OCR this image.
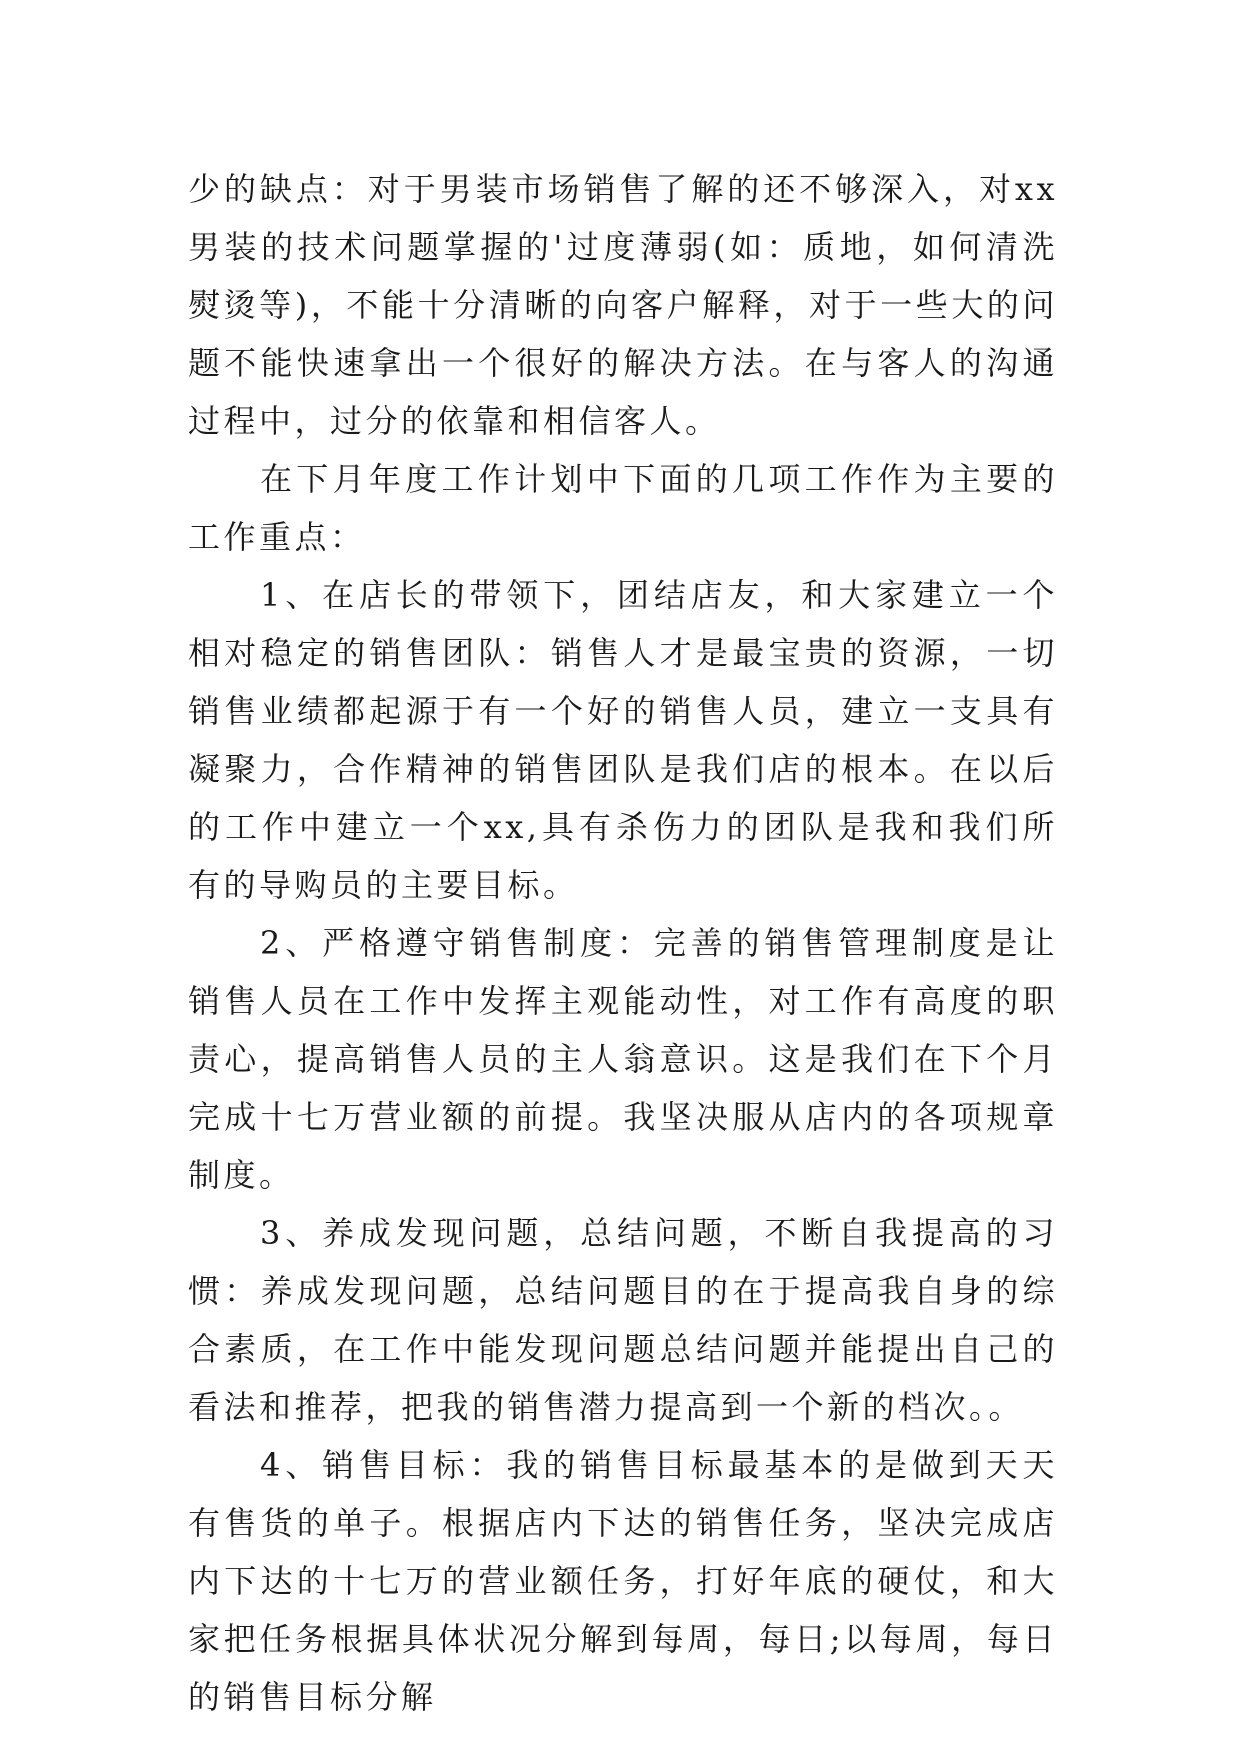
少的缺点：对于男装市场销售了解的还不够深入，对xx男装的技术问题掌握的'过度薄弱(如：质地，如何清洗熨烫等)，不能十分清晰的向客户解释，对于一些大的问题不能快速拿出一个很好的解决方法。在与客人的沟通过程中，过分的依靠和相信客人。

在下月年度工作计划中下面的几项工作作为主要的工作重点：

1、在店长的带领下，团结店友，和大家建立一个相对稳定的销售团队：销售人才是最宝贵的资源，一切销售业绩都起源于有一个好的销售人员，建立一支具有凝聚力，合作精神的销售团队是我们店的根本。在以后的工作中建立一个xx,具有杀伤力的团队是我和我们所有的导购员的主要目标。

2、严格遵守销售制度：完善的销售管理制度是让销售人员在工作中发挥主观能动性，对工作有高度的职责心，提高销售人员的主人翁意识。这是我们在下个月完成十七万营业额的前提。我坚决服从店内的各项规章制度。

3、养成发现问题，总结问题，不断自我提高的习惯：养成发现问题，总结问题目的在于提高我自身的综合素质，在工作中能发现问题总结问题并能提出自己的看法和推荐，把我的销售潜力提高到一个新的档次。。

4、销售目标：我的销售目标最基本的是做到天天有售货的单子。根据店内下达的销售任务，坚决完成店内下达的十七万的营业额任务，打好年底的硬仗，和大家把任务根据具体状况分解到每周，每日;以每周，每日的销售目标分解
